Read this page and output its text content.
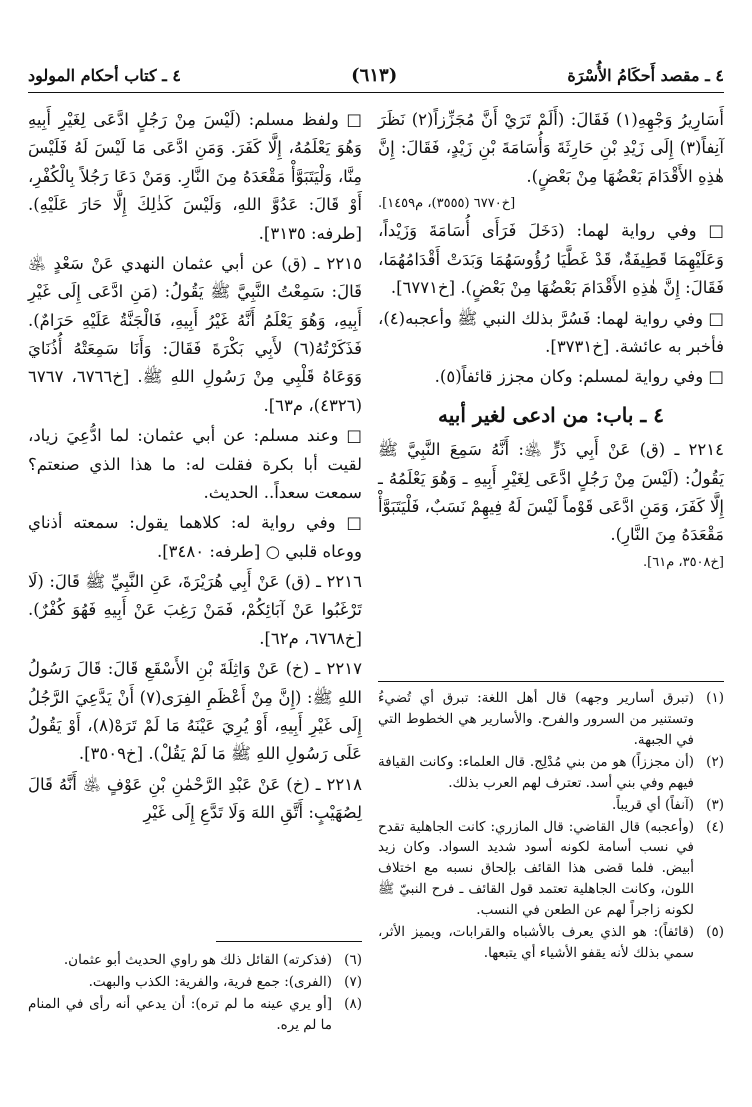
٤ ـ مقصد أَحكَامُ الأُسْرَة
(٦١٣)
٤ ـ كتاب أحكام المولود

أَسَارِيرُ وَجْهِهِ(١) فَقَالَ: (أَلَمْ تَرَيْ أَنَّ مُجَزِّزاً(٢) نَظَرَ آنِفاً(٣) إِلَى زَيْدِ بْنِ حَارِثَةَ وَأُسَامَةَ بْنِ زَيْدٍ، فَقَالَ: إِنَّ هٰذِهِ الأَقْدَامَ بَعْضُهَا مِنْ بَعْضٍ).

[خ٦٧٧٠ (٣٥٥٥)، م١٤٥٩].

□ وفي رواية لهما: (دَخَلَ فَرَأَى أُسَامَةَ وَزَيْداً، وَعَلَيْهِمَا قَطِيفَةٌ، قَدْ غَطَّيَا رُؤُوسَهُمَا وَبَدَتْ أَقْدَامُهُمَا، فَقَالَ: إِنَّ هٰذِهِ الأَقْدَامَ بَعْضُهَا مِنْ بَعْضٍ). [خ٦٧٧١].

□ وفي رواية لهما: فَسُرَّ بذلك النبي ﷺ وأعجبه(٤)، فأخبر به عائشة. [خ٣٧٣١].

□ وفي رواية لمسلم: وكان مجزز قائفاً(٥).

٤ ـ باب: من ادعى لغير أبيه

٢٢١٤ ـ (ق) عَنْ أَبِي ذَرٍّ ﵁: أَنَّهُ سَمِعَ النَّبِيَّ ﷺ يَقُولُ: (لَيْسَ مِنْ رَجُلٍ ادَّعَى لِغَيْرِ أَبِيهِ ـ وَهُوَ يَعْلَمُهُ ـ إِلَّا كَفَرَ، وَمَنِ ادَّعَى قَوْماً لَيْسَ لَهُ فِيهِمْ نَسَبٌ، فَلْيَتَبَوَّأْ مَقْعَدَهُ مِنَ النَّارِ).

[خ٣٥٠٨، م٦١].

□ ولفظ مسلم: (لَيْسَ مِنْ رَجُلٍ ادَّعَى لِغَيْرِ أَبِيهِ وَهُوَ يَعْلَمُهُ، إِلَّا كَفَرَ. وَمَنِ ادَّعَى مَا لَيْسَ لَهُ فَلَيْسَ مِنَّا، وَلْيَتَبَوَّأْ مَقْعَدَهُ مِنَ النَّارِ. وَمَنْ دَعَا رَجُلاً بِالْكُفْرِ، أَوْ قَالَ: عَدُوَّ اللهِ، وَلَيْسَ كَذٰلِكَ إِلَّا حَارَ عَلَيْهِ). [طرفه: ٣١٣٥].

٢٢١٥ ـ (ق) عن أبي عثمان النهدي عَنْ سَعْدٍ ﵁ قَالَ: سَمِعْتُ النَّبِيَّ ﷺ يَقُولُ: (مَنِ ادَّعَى إِلَى غَيْرِ أَبِيهِ، وَهُوَ يَعْلَمُ أَنَّهُ غَيْرُ أَبِيهِ، فَالْجَنَّةُ عَلَيْهِ حَرَامٌ). فَذَكَرْتُهُ(٦) لأَبِي بَكْرَةَ فَقَالَ: وَأَنَا سَمِعَتْهُ أُذُنَايَ وَوَعَاهُ قَلْبِي مِنْ رَسُولِ اللهِ ﷺ. [خ٦٧٦٦، ٦٧٦٧ (٤٣٢٦)، م٦٣].

□ وعند مسلم: عن أبي عثمان: لما ادُّعِيَ زياد، لقيت أبا بكرة فقلت له: ما هذا الذي صنعتم؟ سمعت سعداً.. الحديث.

□ وفي رواية له: كلاهما يقول: سمعته أذناي ووعاه قلبي ○ [طرفه: ٣٤٨٠].

٢٢١٦ ـ (ق) عَنْ أَبِي هُرَيْرَةَ، عَنِ النَّبِيِّ ﷺ قَالَ: (لَا تَرْغَبُوا عَنْ آبَائِكُمْ، فَمَنْ رَغِبَ عَنْ أَبِيهِ فَهُوَ كُفْرٌ). [خ٦٧٦٨، م٦٢].

٢٢١٧ ـ (خ) عَنْ وَاثِلَةَ بْنِ الأَسْقَعِ قَالَ: قَالَ رَسُولُ اللهِ ﷺ: (إِنَّ مِنْ أَعْظَمِ الفِرَى(٧) أَنْ يَدَّعِيَ الرَّجُلُ إِلَى غَيْرِ أَبِيهِ، أَوْ يُرِيَ عَيْنَهُ مَا لَمْ تَرَهْ(٨)، أَوْ يَقُولُ عَلَى رَسُولِ اللهِ ﷺ مَا لَمْ يَقُلْ). [خ٣٥٠٩].

٢٢١٨ ـ (خ) عَنْ عَبْدِ الرَّحْمٰنِ بْنِ عَوْفٍ ﵁ أَنَّهُ قَالَ لِصُهَيْبٍ: أَتَّقِ اللهَ وَلَا تَدَّعِ إِلَى غَيْرِ

(١)
(تبرق أسارير وجهه) قال أهل اللغة: تبرق أي تُضيءُ وتستنير من السرور والفرح. والأسارير هي الخطوط التي في الجبهة.
(٢)
(أن مجززاً) هو من بني مُدْلِج. قال العلماء: وكانت القيافة فيهم وفي بني أسد. تعترف لهم العرب بذلك.
(٣)
(آنفاً) أي قريباً.
(٤)
(وأعجبه) قال القاضي: قال المازري: كانت الجاهلية تقدح في نسب أسامة لكونه أسود شديد السواد. وكان زيد أبيض. فلما قضى هذا القائف بإلحاق نسبه مع اختلاف اللون، وكانت الجاهلية تعتمد قول القائف ـ فرح النبيّ ﷺ لكونه زاجراً لهم عن الطعن في النسب.
(٥)
(قائفاً): هو الذي يعرف بالأشباه والقرابات، ويميز الأثر، سمي بذلك لأنه يقفو الأشياء أي يتبعها.
(٦)
(فذكرته) القائل ذلك هو راوي الحديث أبو عثمان.
(٧)
(الفرى): جمع فرية، والفرية: الكذب والبهت.
(٨)
[أو يري عينه ما لم تره): أن يدعي أنه رأى في المنام ما لم يره.
